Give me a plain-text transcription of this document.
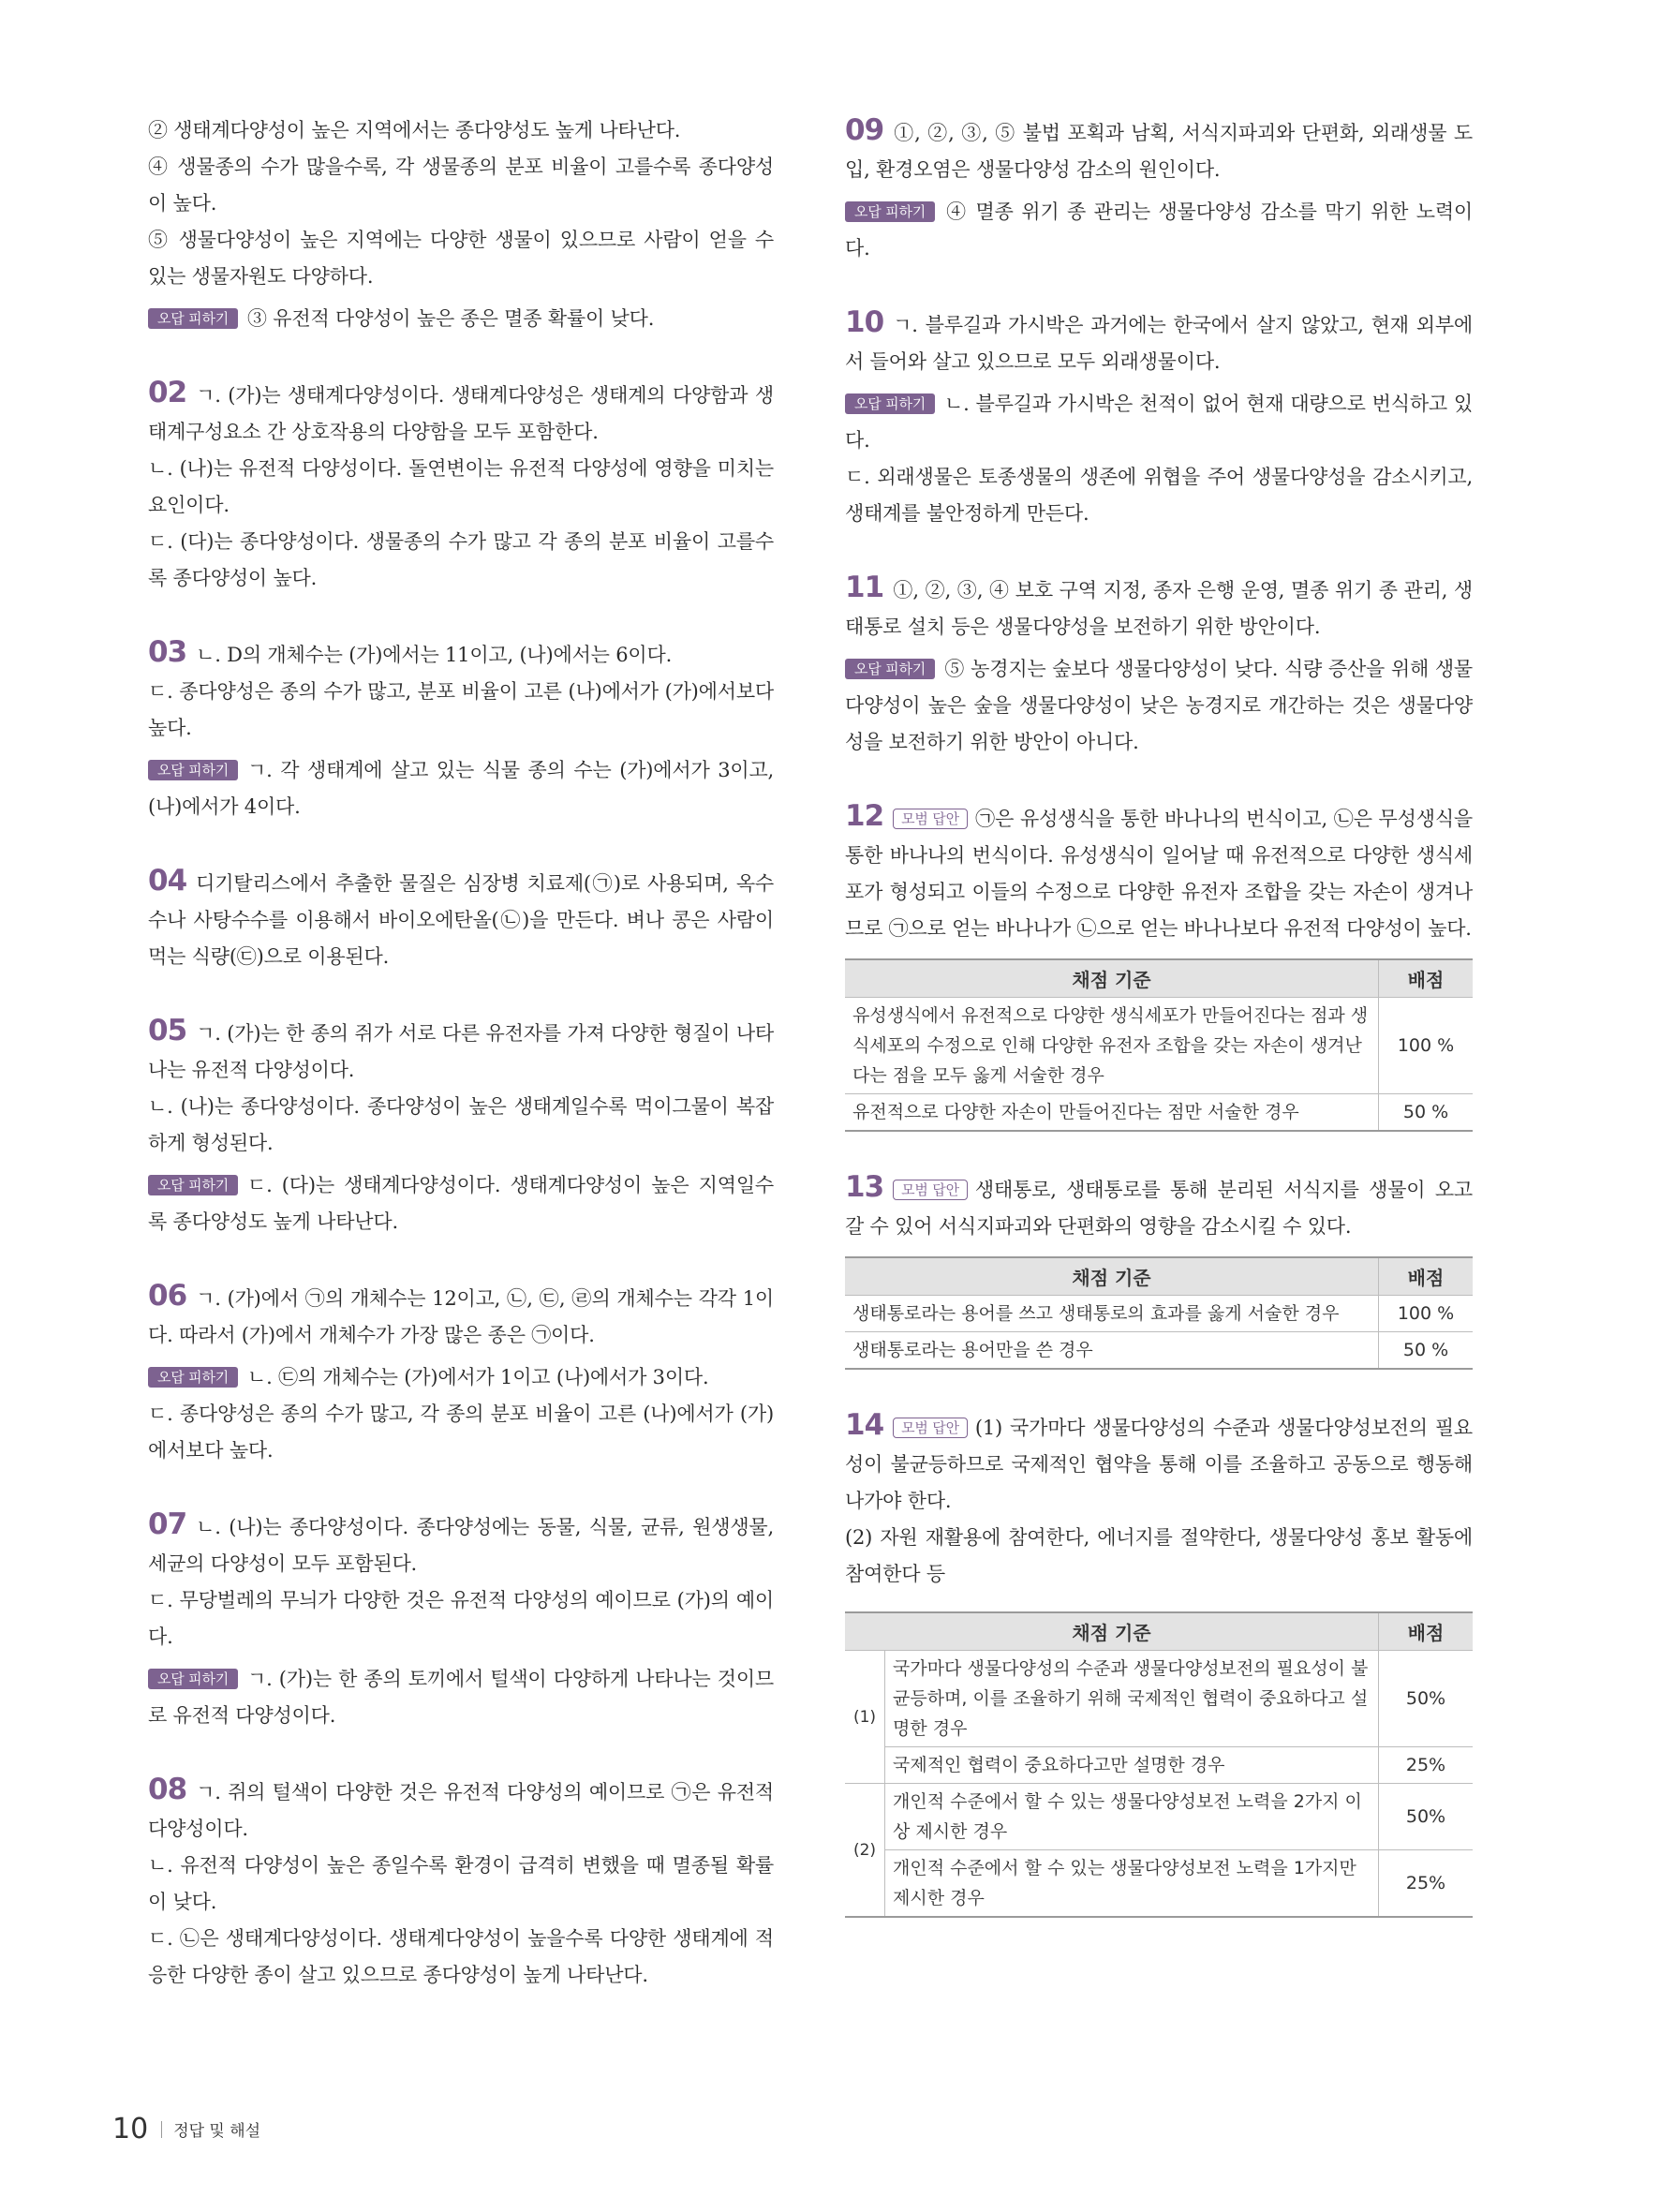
② 생태계다양성이 높은 지역에서는 종다양성도 높게 나타난다.

④ 생물종의 수가 많을수록, 각 생물종의 분포 비율이 고를수록 종다양성이 높다.

⑤ 생물다양성이 높은 지역에는 다양한 생물이 있으므로 사람이 얻을 수 있는 생물자원도 다양하다.

오답 피하기 ③ 유전적 다양성이 높은 종은 멸종 확률이 낮다.

02 ㄱ. (가)는 생태계다양성이다. 생태계다양성은 생태계의 다양함과 생태계구성요소 간 상호작용의 다양함을 모두 포함한다.

ㄴ. (나)는 유전적 다양성이다. 돌연변이는 유전적 다양성에 영향을 미치는 요인이다.

ㄷ. (다)는 종다양성이다. 생물종의 수가 많고 각 종의 분포 비율이 고를수록 종다양성이 높다.

03 ㄴ. D의 개체수는 (가)에서는 11이고, (나)에서는 6이다.

ㄷ. 종다양성은 종의 수가 많고, 분포 비율이 고른 (나)에서가 (가)에서보다 높다.

오답 피하기 ㄱ. 각 생태계에 살고 있는 식물 종의 수는 (가)에서가 3이고, (나)에서가 4이다.

04 디기탈리스에서 추출한 물질은 심장병 치료제(㉠)로 사용되며, 옥수수나 사탕수수를 이용해서 바이오에탄올(㉡)을 만든다. 벼나 콩은 사람이 먹는 식량(㉢)으로 이용된다.

05 ㄱ. (가)는 한 종의 쥐가 서로 다른 유전자를 가져 다양한 형질이 나타나는 유전적 다양성이다.

ㄴ. (나)는 종다양성이다. 종다양성이 높은 생태계일수록 먹이그물이 복잡하게 형성된다.

오답 피하기 ㄷ. (다)는 생태계다양성이다. 생태계다양성이 높은 지역일수록 종다양성도 높게 나타난다.

06 ㄱ. (가)에서 ㉠의 개체수는 12이고, ㉡, ㉢, ㉣의 개체수는 각각 1이다. 따라서 (가)에서 개체수가 가장 많은 종은 ㉠이다.

오답 피하기 ㄴ. ㉢의 개체수는 (가)에서가 1이고 (나)에서가 3이다.

ㄷ. 종다양성은 종의 수가 많고, 각 종의 분포 비율이 고른 (나)에서가 (가)에서보다 높다.

07 ㄴ. (나)는 종다양성이다. 종다양성에는 동물, 식물, 균류, 원생생물, 세균의 다양성이 모두 포함된다.

ㄷ. 무당벌레의 무늬가 다양한 것은 유전적 다양성의 예이므로 (가)의 예이다.

오답 피하기 ㄱ. (가)는 한 종의 토끼에서 털색이 다양하게 나타나는 것이므로 유전적 다양성이다.

08 ㄱ. 쥐의 털색이 다양한 것은 유전적 다양성의 예이므로 ㉠은 유전적 다양성이다.

ㄴ. 유전적 다양성이 높은 종일수록 환경이 급격히 변했을 때 멸종될 확률이 낮다.

ㄷ. ㉡은 생태계다양성이다. 생태계다양성이 높을수록 다양한 생태계에 적응한 다양한 종이 살고 있으므로 종다양성이 높게 나타난다.

09 ①, ②, ③, ⑤ 불법 포획과 남획, 서식지파괴와 단편화, 외래생물 도입, 환경오염은 생물다양성 감소의 원인이다.

오답 피하기 ④ 멸종 위기 종 관리는 생물다양성 감소를 막기 위한 노력이다.

10 ㄱ. 블루길과 가시박은 과거에는 한국에서 살지 않았고, 현재 외부에서 들어와 살고 있으므로 모두 외래생물이다.

오답 피하기 ㄴ. 블루길과 가시박은 천적이 없어 현재 대량으로 번식하고 있다.

ㄷ. 외래생물은 토종생물의 생존에 위협을 주어 생물다양성을 감소시키고, 생태계를 불안정하게 만든다.

11 ①, ②, ③, ④ 보호 구역 지정, 종자 은행 운영, 멸종 위기 종 관리, 생태통로 설치 등은 생물다양성을 보전하기 위한 방안이다.

오답 피하기 ⑤ 농경지는 숲보다 생물다양성이 낮다. 식량 증산을 위해 생물다양성이 높은 숲을 생물다양성이 낮은 농경지로 개간하는 것은 생물다양성을 보전하기 위한 방안이 아니다.

12 모범 답안 ㉠은 유성생식을 통한 바나나의 번식이고, ㉡은 무성생식을 통한 바나나의 번식이다. 유성생식이 일어날 때 유전적으로 다양한 생식세포가 형성되고 이들의 수정으로 다양한 유전자 조합을 갖는 자손이 생겨나므로 ㉠으로 얻는 바나나가 ㉡으로 얻는 바나나보다 유전적 다양성이 높다.

채점 기준	배점
유성생식에서 유전적으로 다양한 생식세포가 만들어진다는 점과 생식세포의 수정으로 인해 다양한 유전자 조합을 갖는 자손이 생겨난다는 점을 모두 옳게 서술한 경우	100 %
유전적으로 다양한 자손이 만들어진다는 점만 서술한 경우	50 %

13 모범 답안 생태통로, 생태통로를 통해 분리된 서식지를 생물이 오고 갈 수 있어 서식지파괴와 단편화의 영향을 감소시킬 수 있다.

채점 기준	배점
생태통로라는 용어를 쓰고 생태통로의 효과를 옳게 서술한 경우	100 %
생태통로라는 용어만을 쓴 경우	50 %

14 모범 답안 (1) 국가마다 생물다양성의 수준과 생물다양성보전의 필요성이 불균등하므로 국제적인 협약을 통해 이를 조율하고 공동으로 행동해 나가야 한다.

(2) 자원 재활용에 참여한다, 에너지를 절약한다, 생물다양성 홍보 활동에 참여한다 등

채점 기준		배점
(1)	국가마다 생물다양성의 수준과 생물다양성보전의 필요성이 불균등하며, 이를 조율하기 위해 국제적인 협력이 중요하다고 설명한 경우	50%
	국제적인 협력이 중요하다고만 설명한 경우	25%
(2)	개인적 수준에서 할 수 있는 생물다양성보전 노력을 2가지 이상 제시한 경우	50%
	개인적 수준에서 할 수 있는 생물다양성보전 노력을 1가지만 제시한 경우	25%
10 정답 및 해설
